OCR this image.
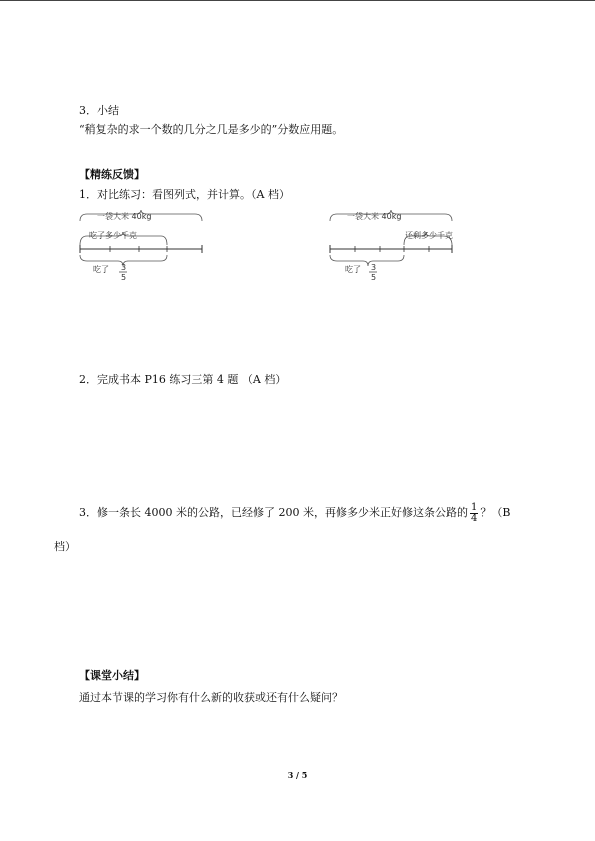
3．小结
“稍复杂的求一个数的几分之几是多少的”分数应用题。
【精练反馈】
1．对比练习：看图列式，并计算。（A 档）
一袋大米 40kg
吃了多少千克
吃了 3
5
一袋大米 40kg
还剩多少千克
吃了 3
5
2．完成书本 P16 练习三第 4 题 （A 档）
3．修一条长 4000 米的公路，已经修了 200 米，再修多少米正好修这条公路的 $\frac{1}{4}$ ？（B
档）
【课堂小结】
通过本节课的学习你有什么新的收获或还有什么疑问？
3 / 5
